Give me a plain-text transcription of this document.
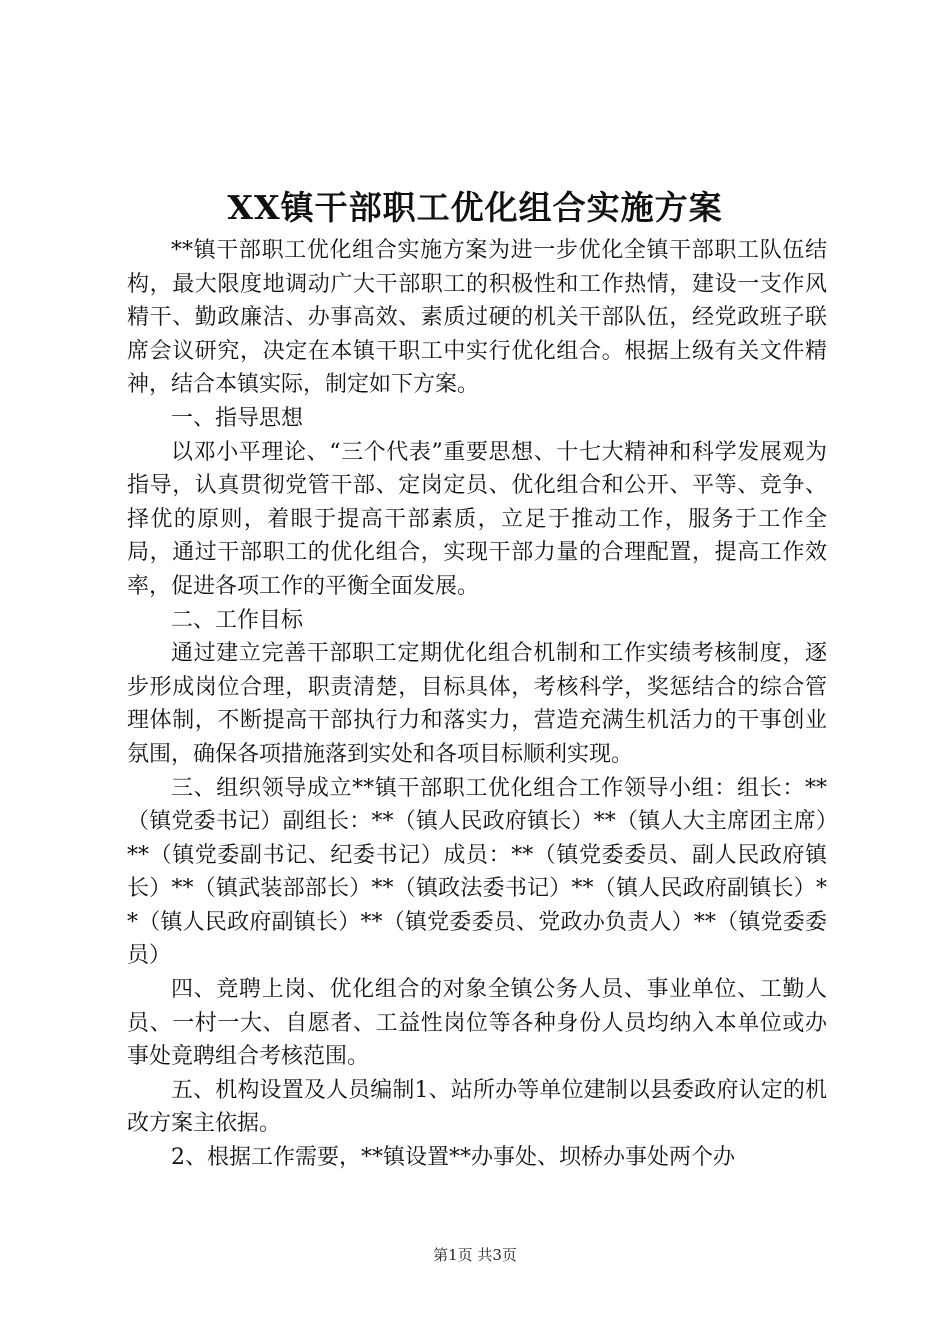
XX镇干部职工优化组合实施方案

**镇干部职工优化组合实施方案为进一步优化全镇干部职工队伍结构，最大限度地调动广大干部职工的积极性和工作热情，建设一支作风精干、勤政廉洁、办事高效、素质过硬的机关干部队伍，经党政班子联席会议研究，决定在本镇干职工中实行优化组合。根据上级有关文件精神，结合本镇实际，制定如下方案。

一、指导思想

以邓小平理论、“三个代表”重要思想、十七大精神和科学发展观为指导，认真贯彻党管干部、定岗定员、优化组合和公开、平等、竞争、择优的原则，着眼于提高干部素质，立足于推动工作，服务于工作全局，通过干部职工的优化组合，实现干部力量的合理配置，提高工作效率，促进各项工作的平衡全面发展。

二、工作目标

通过建立完善干部职工定期优化组合机制和工作实绩考核制度，逐步形成岗位合理，职责清楚，目标具体，考核科学，奖惩结合的综合管理体制，不断提高干部执行力和落实力，营造充满生机活力的干事创业氛围，确保各项措施落到实处和各项目标顺利实现。

三、组织领导成立**镇干部职工优化组合工作领导小组：组长：**（镇党委书记）副组长：**（镇人民政府镇长）**（镇人大主席团主席）**（镇党委副书记、纪委书记）成员：**（镇党委委员、副人民政府镇长）**（镇武装部部长）**（镇政法委书记）**（镇人民政府副镇长）**（镇人民政府副镇长）**（镇党委委员、党政办负责人）**（镇党委委员）

四、竞聘上岗、优化组合的对象全镇公务人员、事业单位、工勤人员、一村一大、自愿者、工益性岗位等各种身份人员均纳入本单位或办事处竟聘组合考核范围。

五、机构设置及人员编制1、站所办等单位建制以县委政府认定的机改方案主依据。

2、根据工作需要，**镇设置**办事处、坝桥办事处两个办

第1页 共3页
